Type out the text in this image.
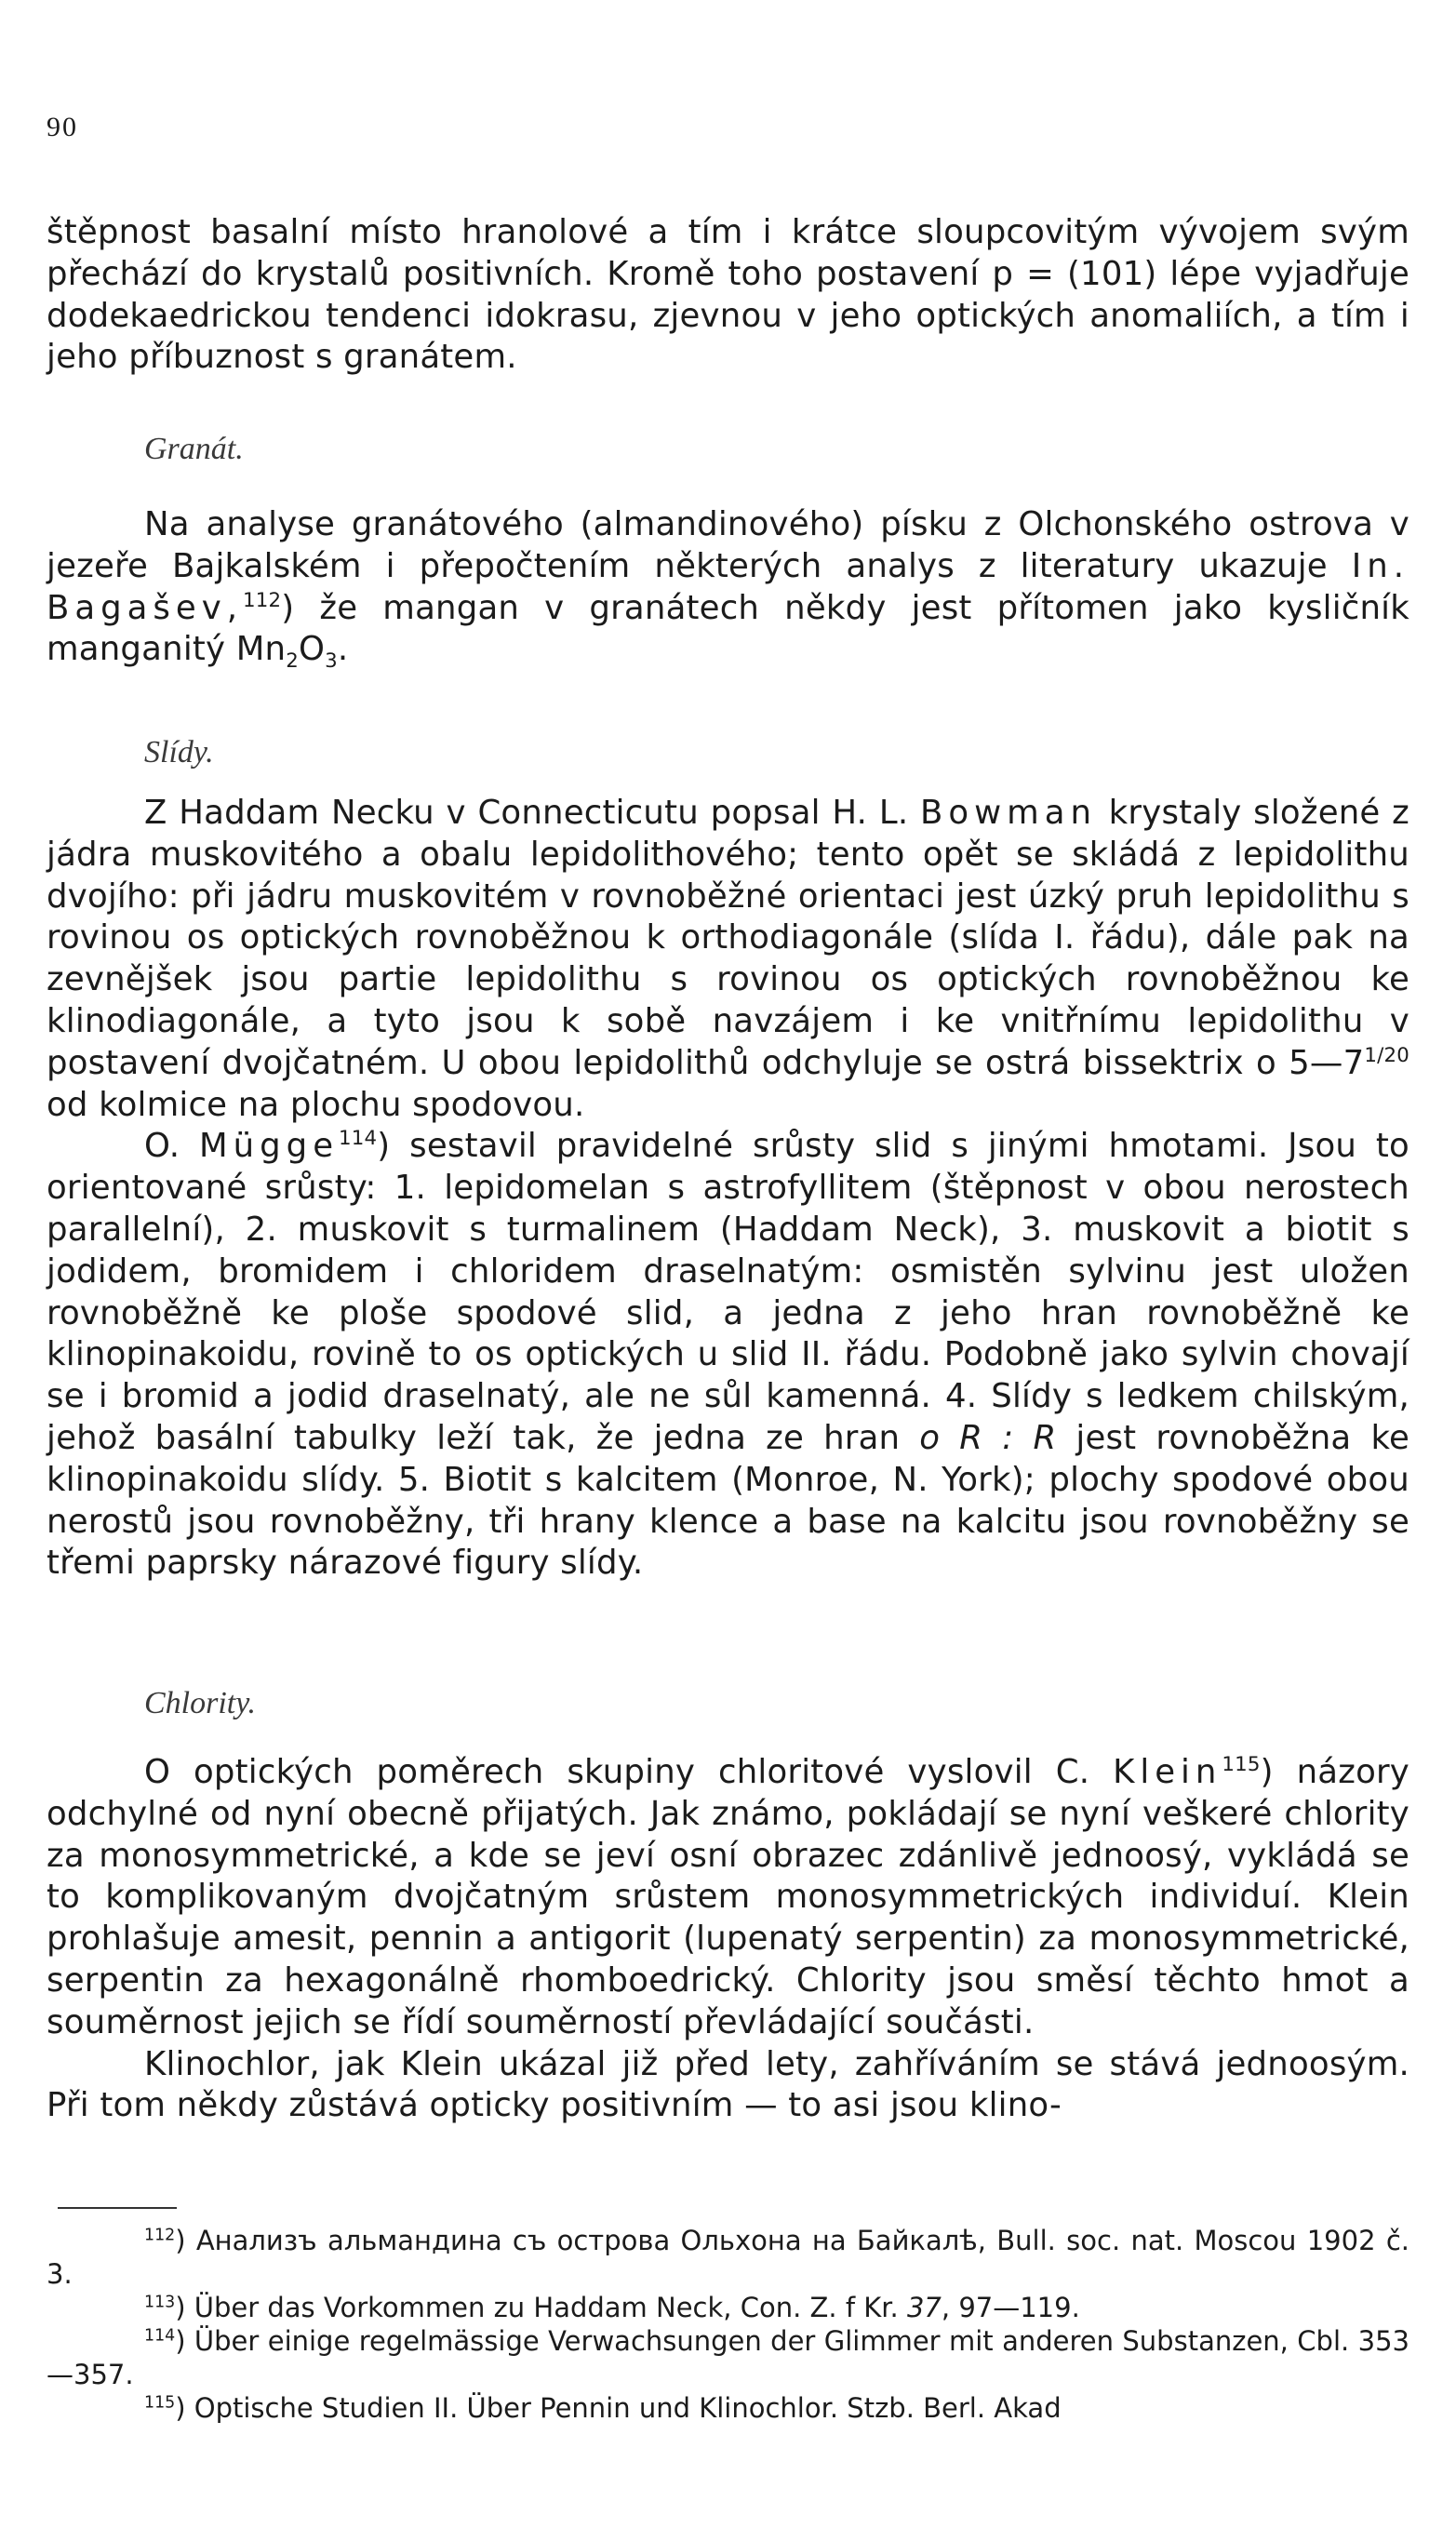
90

štěpnost basalní místo hranolové a tím i krátce sloupcovitým vývojem svým přechází do krystalů positivních. Kromě toho postavení p = (101) lépe vyjadřuje dodekaedrickou tendenci idokrasu, zjevnou v jeho optických anomaliích, a tím i jeho příbuznost s granátem.

Granát.

Na analyse granátového (almandinového) písku z Olchonského ostrova v jezeře Bajkalském i přepočtením některých analys z literatury ukazuje In. Bagašev,$^{112}$) že mangan v granátech někdy jest přítomen jako kysličník manganitý $Mn_2O_3$.

Slídy.

Z Haddam Necku v Connecticutu popsal H. L. Bowman krystaly složené z jádra muskovitého a obalu lepidolithového; tento opět se skládá z lepidolithu dvojího: při jádru muskovitém v rovnoběžné orientaci jest úzký pruh lepidolithu s rovinou os optických rovnoběžnou k orthodiagonále (slída I. řádu), dále pak na zevnějšek jsou partie lepidolithu s rovinou os optických rovnoběžnou ke klinodiagonále, a tyto jsou k sobě navzájem i ke vnitřnímu lepidolithu v postavení dvojčatném. U obou lepidolithů odchyluje se ostrá bissektrix o $5—7^{1/20}$ od kolmice na plochu spodovou.

O. Mügge$^{114}$) sestavil pravidelné srůsty slid s jinými hmotami. Jsou to orientované srůsty: 1. lepidomelan s astrofyllitem (štěpnost v obou nerostech parallelní), 2. muskovit s turmalinem (Haddam Neck), 3. muskovit a biotit s jodidem, bromidem i chloridem draselnatým: osmistěn sylvinu jest uložen rovnoběžně ke ploše spodové slid, a jedna z jeho hran rovnoběžně ke klinopinakoidu, rovině to os optických u slid II. řádu. Podobně jako sylvin chovají se i bromid a jodid draselnatý, ale ne sůl kamenná. 4. Slídy s ledkem chilským, jehož basální tabulky leží tak, že jedna ze hran o R : R jest rovnoběžna ke klinopinakoidu slídy. 5. Biotit s kalcitem (Monroe, N. York); plochy spodové obou nerostů jsou rovnoběžny, tři hrany klence a base na kalcitu jsou rovnoběžny se třemi paprsky nárazové figury slídy.

Chlority.

O optických poměrech skupiny chloritové vyslovil C. Klein$^{115}$) názory odchylné od nyní obecně přijatých. Jak známo, pokládají se nyní veškeré chlority za monosymmetrické, a kde se jeví osní obrazec zdánlivě jednoosý, vykládá se to komplikovaným dvojčatným srůstem monosymmetrických individuí. Klein prohlašuje amesit, pennin a antigorit (lupenatý serpentin) za monosymmetrické, serpentin za hexagonálně rhomboedrický. Chlority jsou směsí těchto hmot a souměrnost jejich se řídí souměrností převládající součásti.

Klinochlor, jak Klein ukázal již před lety, zahříváním se stává jednoosým. Při tom někdy zůstává opticky positivním — to asi jsou klino-

$^{112}$) Анализъ альмандина съ острова Ольхона на Байкалѣ, Bull. soc. nat. Moscou 1902 č. 3.

$^{113}$) Über das Vorkommen zu Haddam Neck, Con. Z. f Kr. 37, 97—119.

$^{114}$) Über einige regelmässige Verwachsungen der Glimmer mit anderen Substanzen, Cbl. 353—357.

$^{115}$) Optische Studien II. Über Pennin und Klinochlor. Stzb. Berl. Akad
